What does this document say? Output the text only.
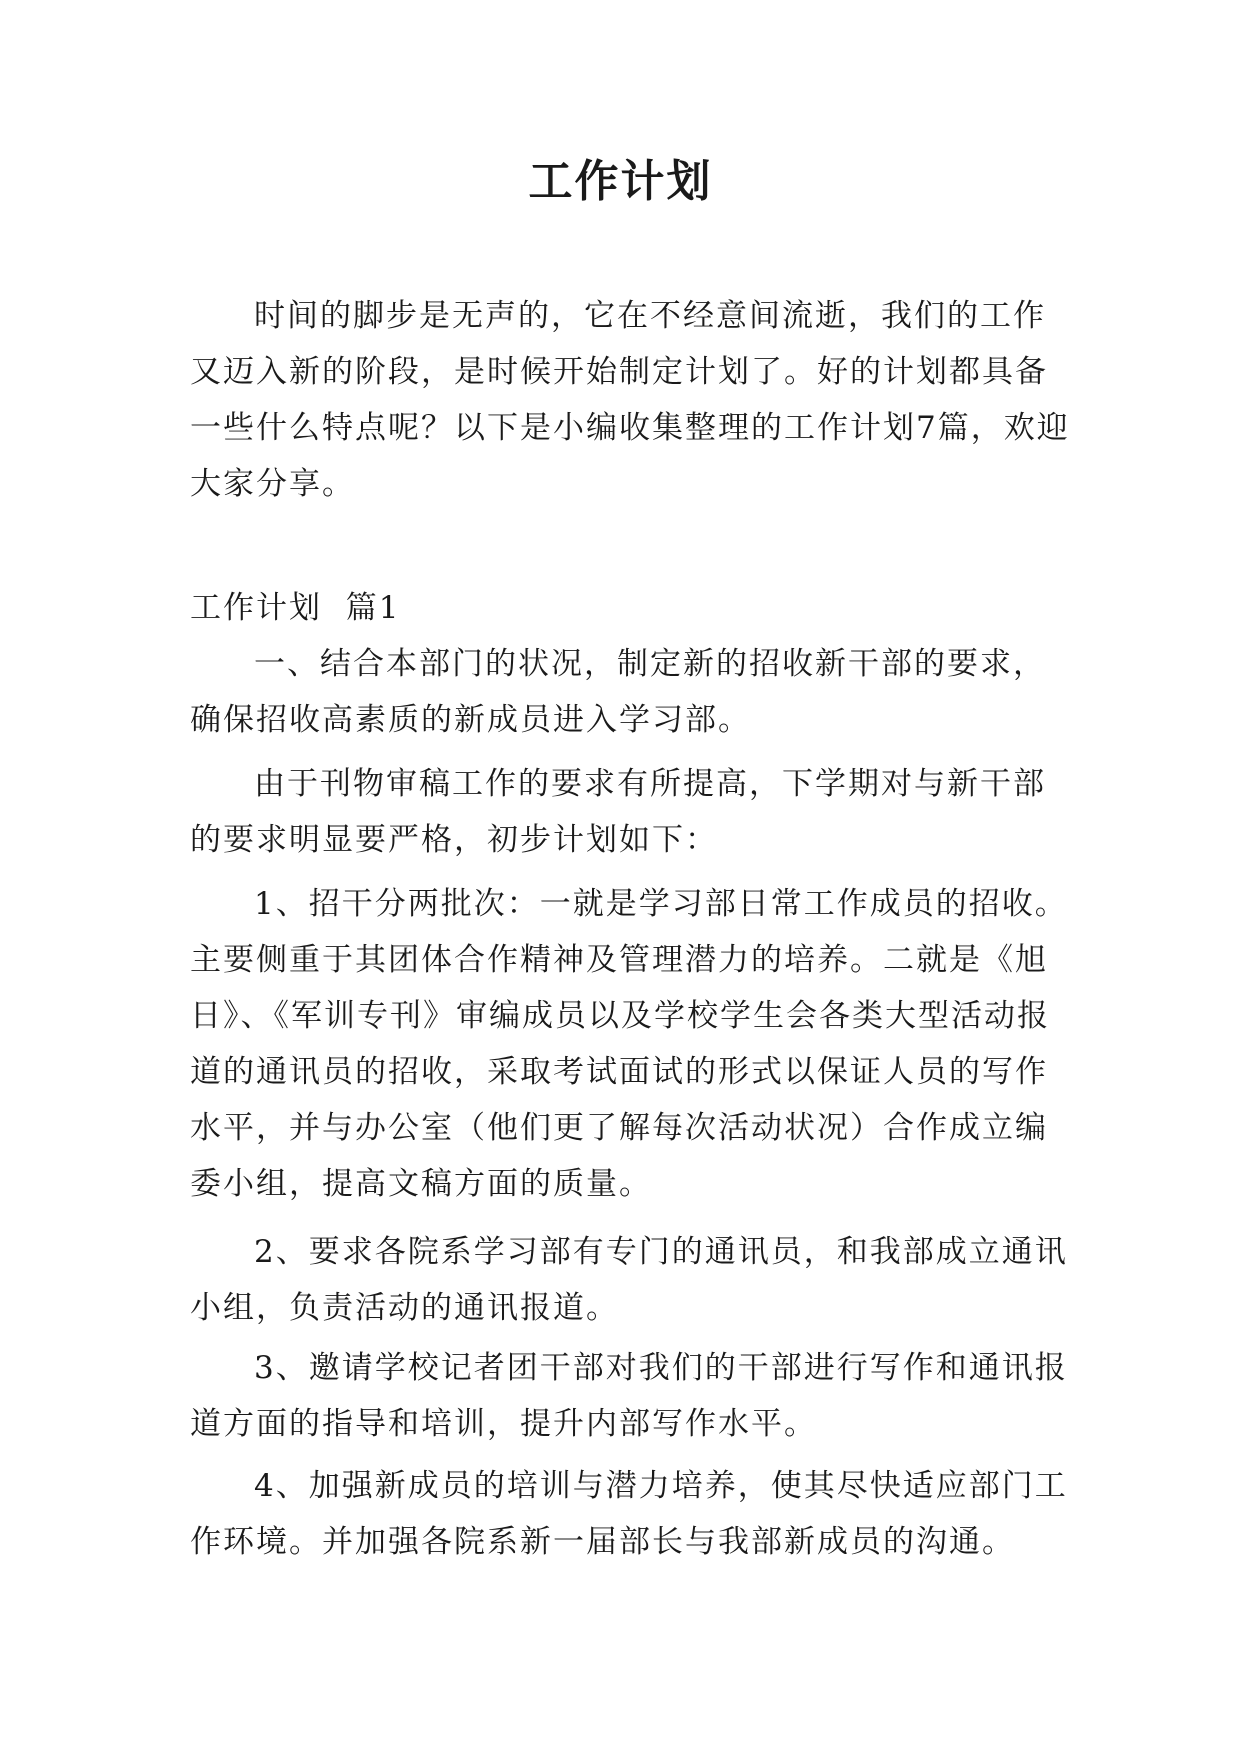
工作计划

时间的脚步是无声的，它在不经意间流逝，我们的工作又迈入新的阶段，是时候开始制定计划了。好的计划都具备一些什么特点呢？以下是小编收集整理的工作计划7篇，欢迎大家分享。

工作计划  篇1

一、结合本部门的状况，制定新的招收新干部的要求，确保招收高素质的新成员进入学习部。

由于刊物审稿工作的要求有所提高，下学期对与新干部的要求明显要严格，初步计划如下：

1、招干分两批次：一就是学习部日常工作成员的招收。主要侧重于其团体合作精神及管理潜力的培养。二就是《旭日》、《军训专刊》审编成员以及学校学生会各类大型活动报道的通讯员的招收，采取考试面试的形式以保证人员的写作水平，并与办公室（他们更了解每次活动状况）合作成立编委小组，提高文稿方面的质量。

2、要求各院系学习部有专门的通讯员，和我部成立通讯小组，负责活动的通讯报道。

3、邀请学校记者团干部对我们的干部进行写作和通讯报道方面的指导和培训，提升内部写作水平。

4、加强新成员的培训与潜力培养，使其尽快适应部门工作环境。并加强各院系新一届部长与我部新成员的沟通。
